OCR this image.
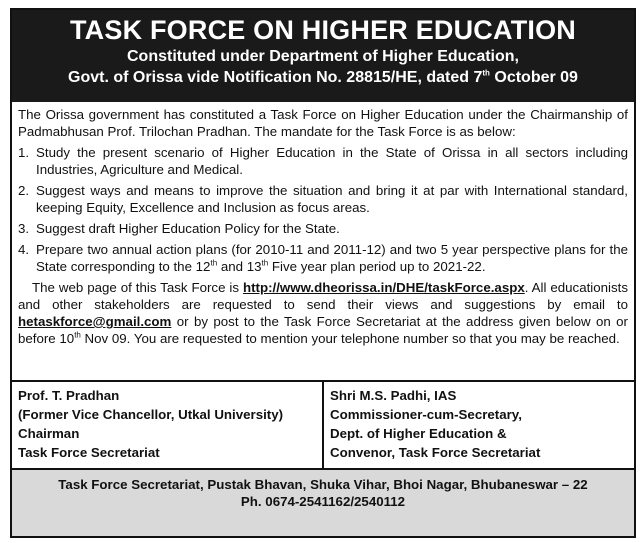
TASK FORCE ON HIGHER EDUCATION
Constituted under Department of Higher Education,
Govt. of Orissa vide Notification No. 28815/HE, dated 7th October 09

The Orissa government has constituted a Task Force on Higher Education under the Chairmanship of Padmabhusan Prof. Trilochan Pradhan. The mandate for the Task Force is as below:

1. Study the present scenario of Higher Education in the State of Orissa in all sectors including Industries, Agriculture and Medical.
2. Suggest ways and means to improve the situation and bring it at par with International standard, keeping Equity, Excellence and Inclusion as focus areas.
3. Suggest draft Higher Education Policy for the State.
4. Prepare two annual action plans (for 2010-11 and 2011-12) and two 5 year perspective plans for the State corresponding to the 12th and 13th Five year plan period up to 2021-22.

The web page of this Task Force is http://www.dheorissa.in/DHE/taskForce.aspx. All educationists and other stakeholders are requested to send their views and suggestions by email to hetaskforce@gmail.com or by post to the Task Force Secretariat at the address given below on or before 10th Nov 09. You are requested to mention your telephone number so that you may be reached.

Prof. T. Pradhan
(Former Vice Chancellor, Utkal University)
Chairman
Task Force Secretariat
Shri M.S. Padhi, IAS
Commissioner-cum-Secretary,
Dept. of Higher Education &
Convenor, Task Force Secretariat
Task Force Secretariat, Pustak Bhavan, Shuka Vihar, Bhoi Nagar, Bhubaneswar – 22
Ph. 0674-2541162/2540112
